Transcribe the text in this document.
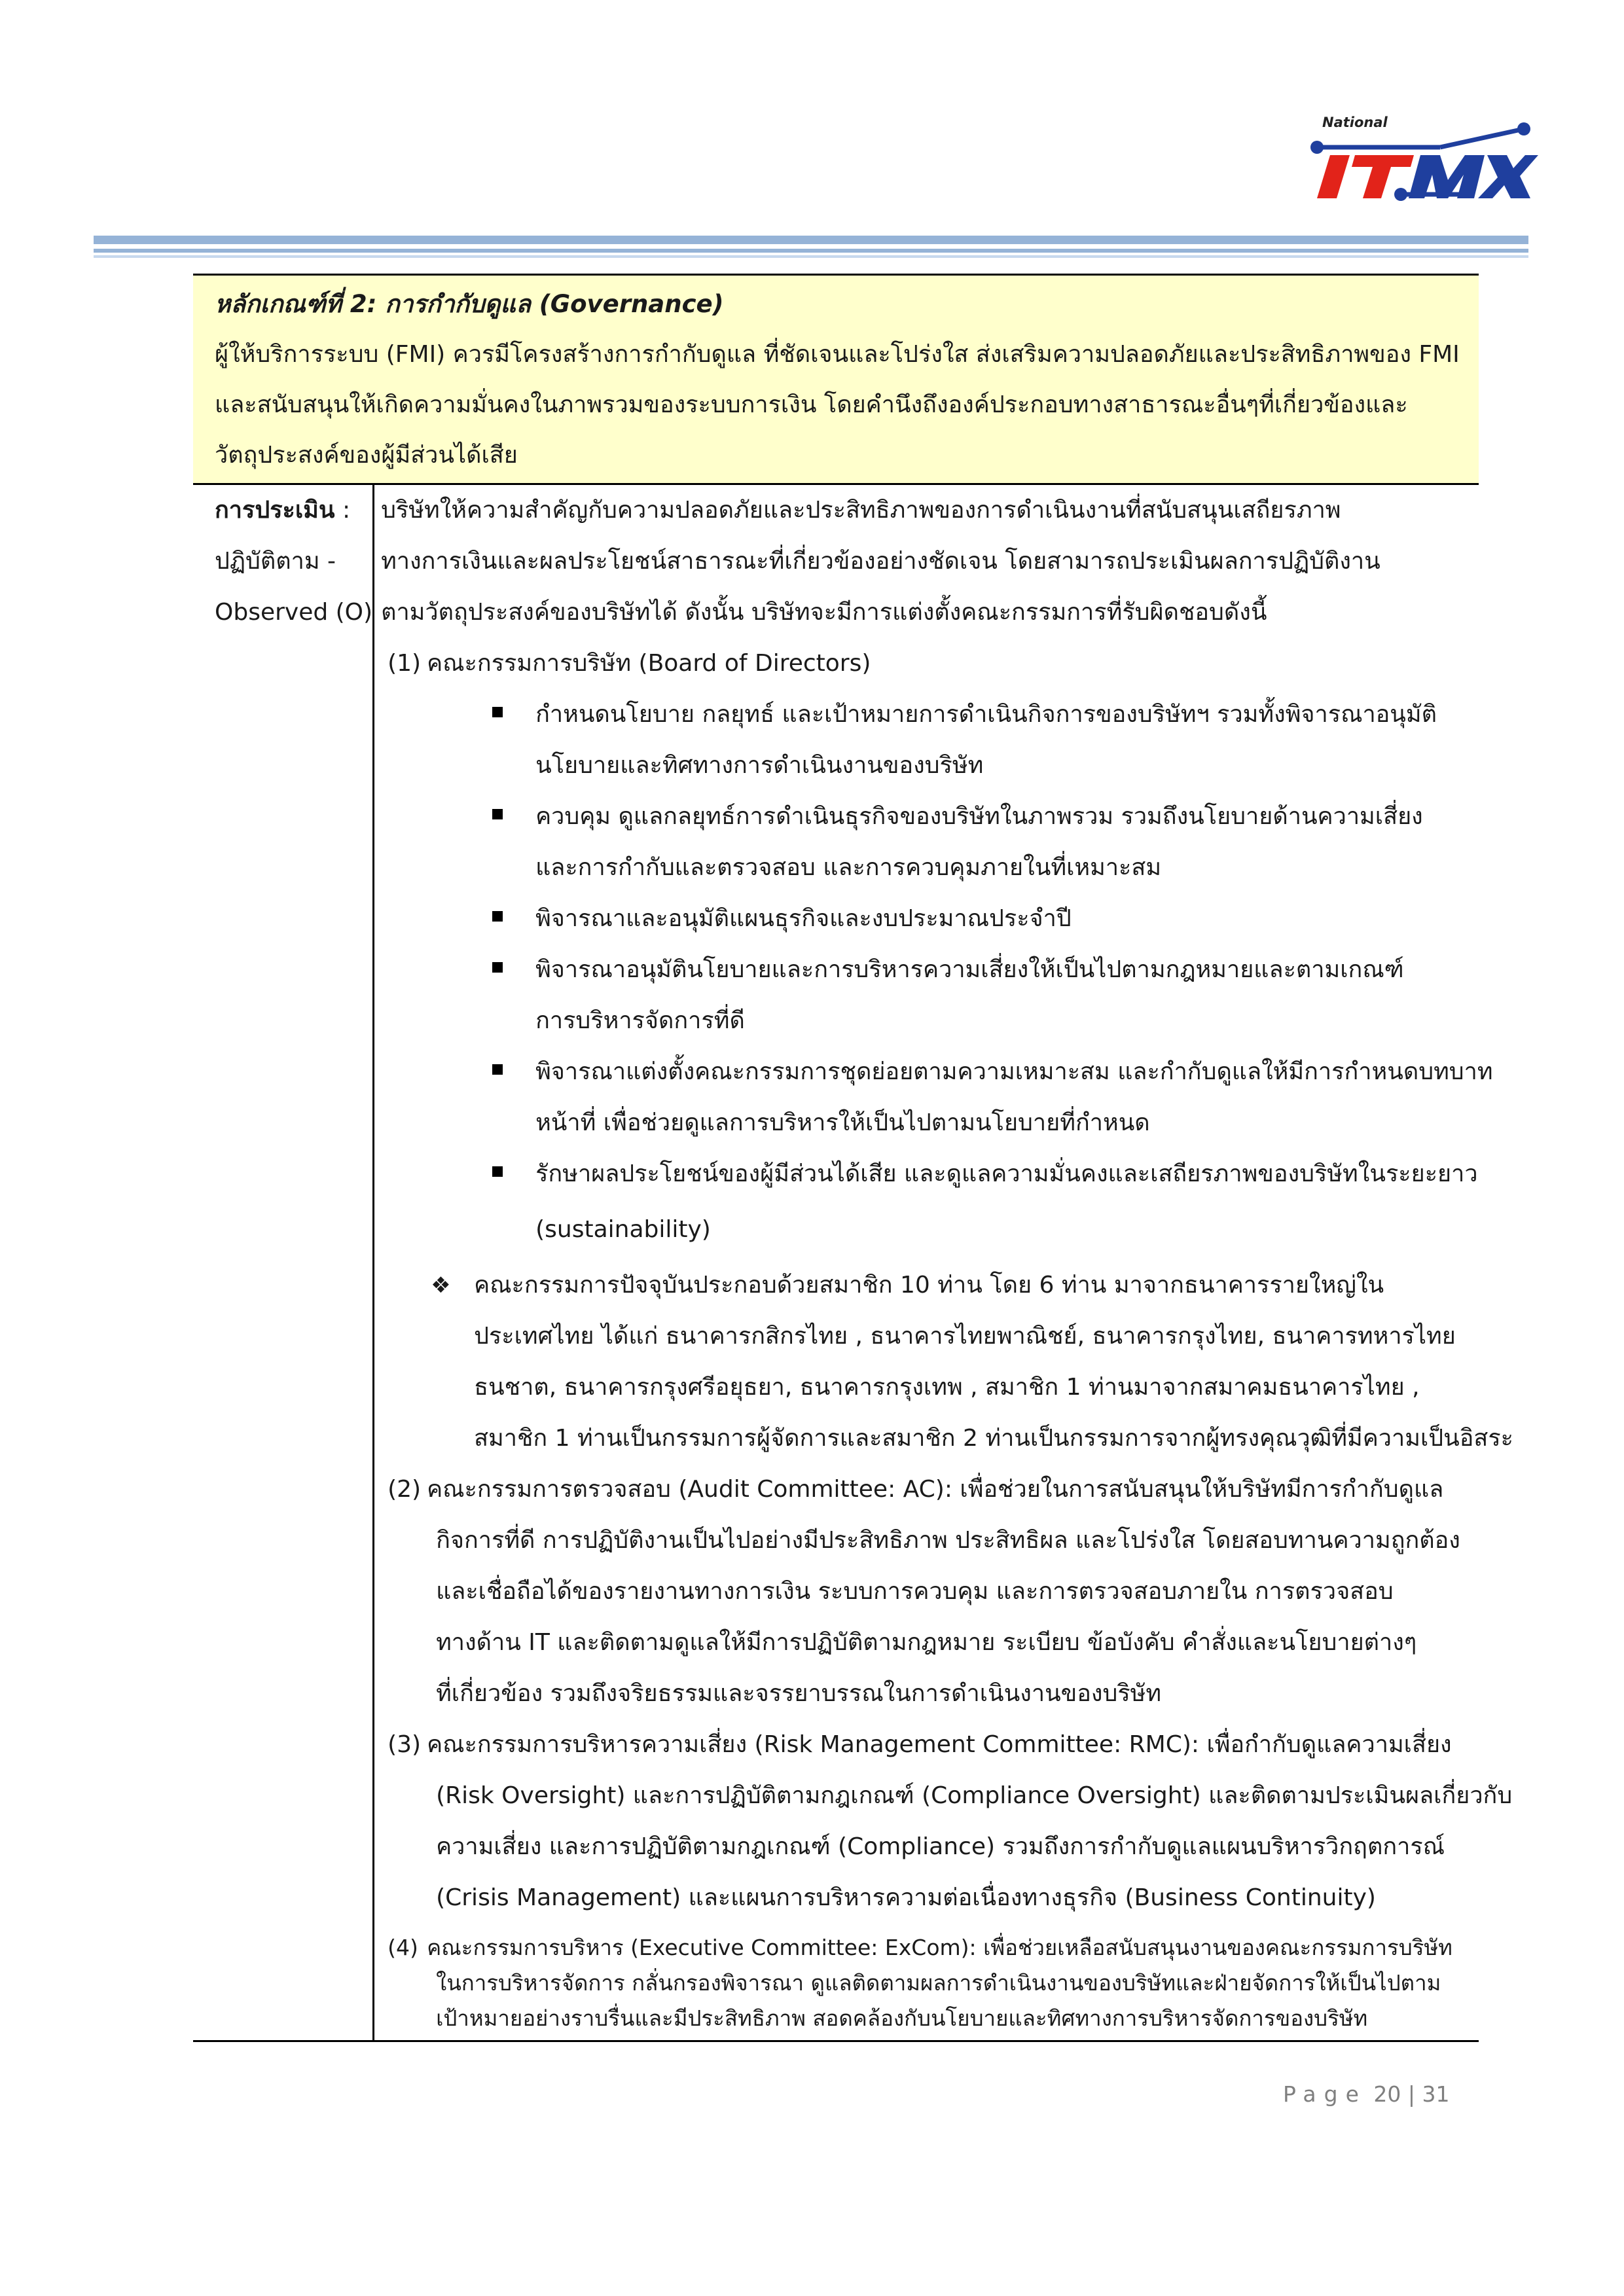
National
หลักเกณฑ์ที่ 2: การกำกับดูแล (Governance)
ผู้ให้บริการระบบ (FMI) ควรมีโครงสร้างการกำกับดูแล ที่ชัดเจนและโปร่งใส ส่งเสริมความปลอดภัยและประสิทธิภาพของ FMI
และสนับสนุนให้เกิดความมั่นคงในภาพรวมของระบบการเงิน โดยคำนึงถึงองค์ประกอบทางสาธารณะอื่นๆที่เกี่ยวข้องและ
วัตถุประสงค์ของผู้มีส่วนได้เสีย
การประเมิน :
ปฏิบัติตาม -
Observed (O)
บริษัทให้ความสำคัญกับความปลอดภัยและประสิทธิภาพของการดำเนินงานที่สนับสนุนเสถียรภาพ
ทางการเงินและผลประโยชน์สาธารณะที่เกี่ยวข้องอย่างชัดเจน โดยสามารถประเมินผลการปฏิบัติงาน
ตามวัตถุประสงค์ของบริษัทได้ ดังนั้น บริษัทจะมีการแต่งตั้งคณะกรรมการที่รับผิดชอบดังนี้
(1) คณะกรรมการบริษัท (Board of Directors)
กำหนดนโยบาย กลยุทธ์ และเป้าหมายการดำเนินกิจการของบริษัทฯ รวมทั้งพิจารณาอนุมัติ
นโยบายและทิศทางการดำเนินงานของบริษัท
ควบคุม ดูแลกลยุทธ์การดำเนินธุรกิจของบริษัทในภาพรวม รวมถึงนโยบายด้านความเสี่ยง
และการกำกับและตรวจสอบ และการควบคุมภายในที่เหมาะสม
พิจารณาและอนุมัติแผนธุรกิจและงบประมาณประจำปี
พิจารณาอนุมัตินโยบายและการบริหารความเสี่ยงให้เป็นไปตามกฎหมายและตามเกณฑ์
การบริหารจัดการที่ดี
พิจารณาแต่งตั้งคณะกรรมการชุดย่อยตามความเหมาะสม และกำกับดูแลให้มีการกำหนดบทบาท
หน้าที่ เพื่อช่วยดูแลการบริหารให้เป็นไปตามนโยบายที่กำหนด
รักษาผลประโยชน์ของผู้มีส่วนได้เสีย และดูแลความมั่นคงและเสถียรภาพของบริษัทในระยะยาว
(sustainability)
❖ คณะกรรมการปัจจุบันประกอบด้วยสมาชิก 10 ท่าน โดย 6 ท่าน มาจากธนาคารรายใหญ่ใน
ประเทศไทย ได้แก่ ธนาคารกสิกรไทย , ธนาคารไทยพาณิชย์, ธนาคารกรุงไทย, ธนาคารทหารไทย
ธนชาต, ธนาคารกรุงศรีอยุธยา, ธนาคารกรุงเทพ , สมาชิก 1 ท่านมาจากสมาคมธนาคารไทย ,
สมาชิก 1 ท่านเป็นกรรมการผู้จัดการและสมาชิก 2 ท่านเป็นกรรมการจากผู้ทรงคุณวุฒิที่มีความเป็นอิสระ
(2) คณะกรรมการตรวจสอบ (Audit Committee: AC): เพื่อช่วยในการสนับสนุนให้บริษัทมีการกำกับดูแล
กิจการที่ดี การปฏิบัติงานเป็นไปอย่างมีประสิทธิภาพ ประสิทธิผล และโปร่งใส โดยสอบทานความถูกต้อง
และเชื่อถือได้ของรายงานทางการเงิน ระบบการควบคุม และการตรวจสอบภายใน การตรวจสอบ
ทางด้าน IT และติดตามดูแลให้มีการปฏิบัติตามกฎหมาย ระเบียบ ข้อบังคับ คำสั่งและนโยบายต่างๆ
ที่เกี่ยวข้อง รวมถึงจริยธรรมและจรรยาบรรณในการดำเนินงานของบริษัท
(3) คณะกรรมการบริหารความเสี่ยง (Risk Management Committee: RMC): เพื่อกำกับดูแลความเสี่ยง
(Risk Oversight) และการปฏิบัติตามกฎเกณฑ์ (Compliance Oversight) และติดตามประเมินผลเกี่ยวกับ
ความเสี่ยง และการปฏิบัติตามกฎเกณฑ์ (Compliance) รวมถึงการกำกับดูแลแผนบริหารวิกฤตการณ์
(Crisis Management) และแผนการบริหารความต่อเนื่องทางธุรกิจ (Business Continuity)
(4) คณะกรรมการบริหาร (Executive Committee: ExCom): เพื่อช่วยเหลือสนับสนุนงานของคณะกรรมการบริษัท
ในการบริหารจัดการ กลั่นกรองพิจารณา ดูแลติดตามผลการดำเนินงานของบริษัทและฝ่ายจัดการให้เป็นไปตาม
เป้าหมายอย่างราบรื่นและมีประสิทธิภาพ สอดคล้องกับนโยบายและทิศทางการบริหารจัดการของบริษัท
Page 20 | 31
